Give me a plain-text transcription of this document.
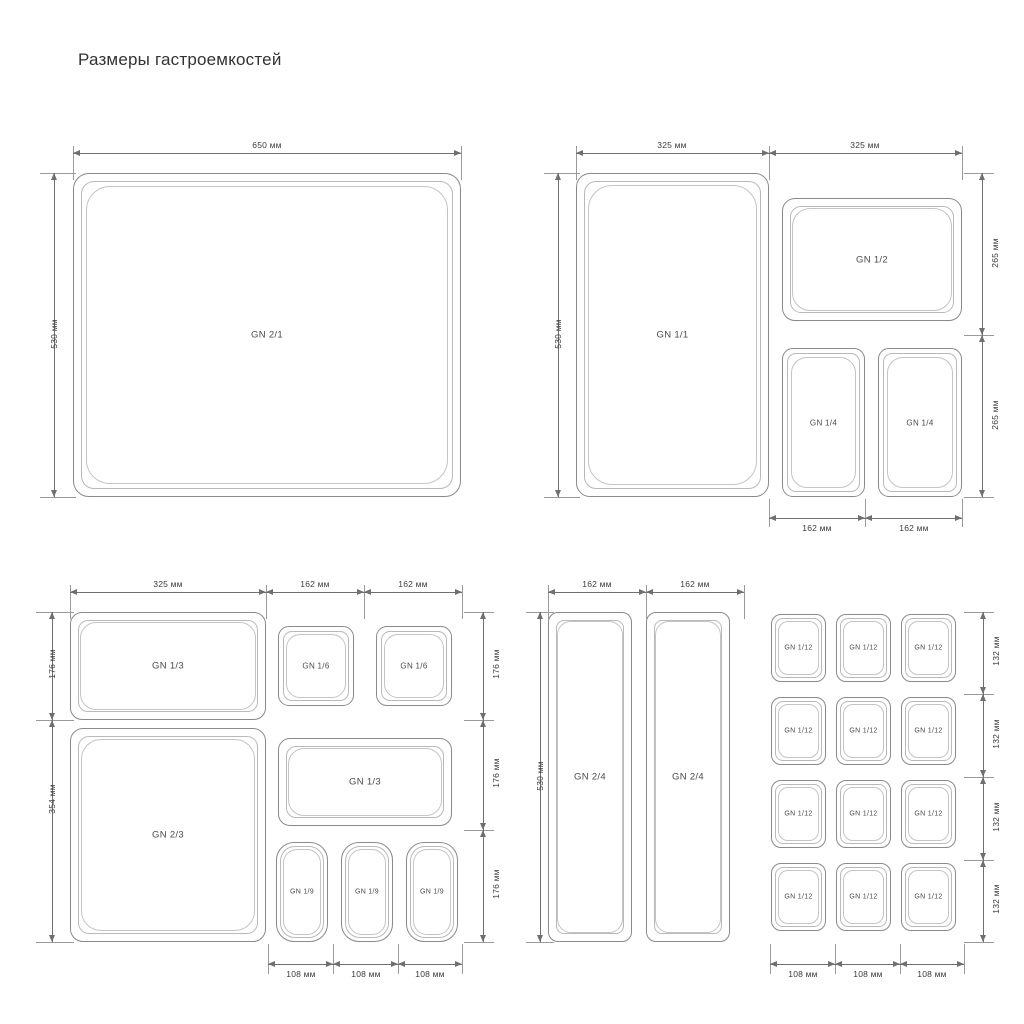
Размеры гастроемкостей
650 мм
530 мм	GN 2/1
325 мм	325 мм
530 мм
265 мм
265 мм
162 мм	162 мм
GN 1/1
GN 1/2
GN 1/4	GN 1/4
325 мм	162 мм	162 мм
176 мм
354 мм
176 мм
176 мм
176 мм
108 мм	108 мм	108 мм
GN 1/3	GN 1/6	GN 1/6
GN 2/3
GN 1/3
GN 1/9	GN 1/9	GN 1/9
162 мм	162 мм
530 мм
132 мм
132 мм
132 мм
132 мм
108 мм	108 мм	108 мм
GN 2/4	GN 2/4
GN 1/12	GN 1/12	GN 1/12
GN 1/12	GN 1/12	GN 1/12
GN 1/12	GN 1/12	GN 1/12
GN 1/12	GN 1/12	GN 1/12
